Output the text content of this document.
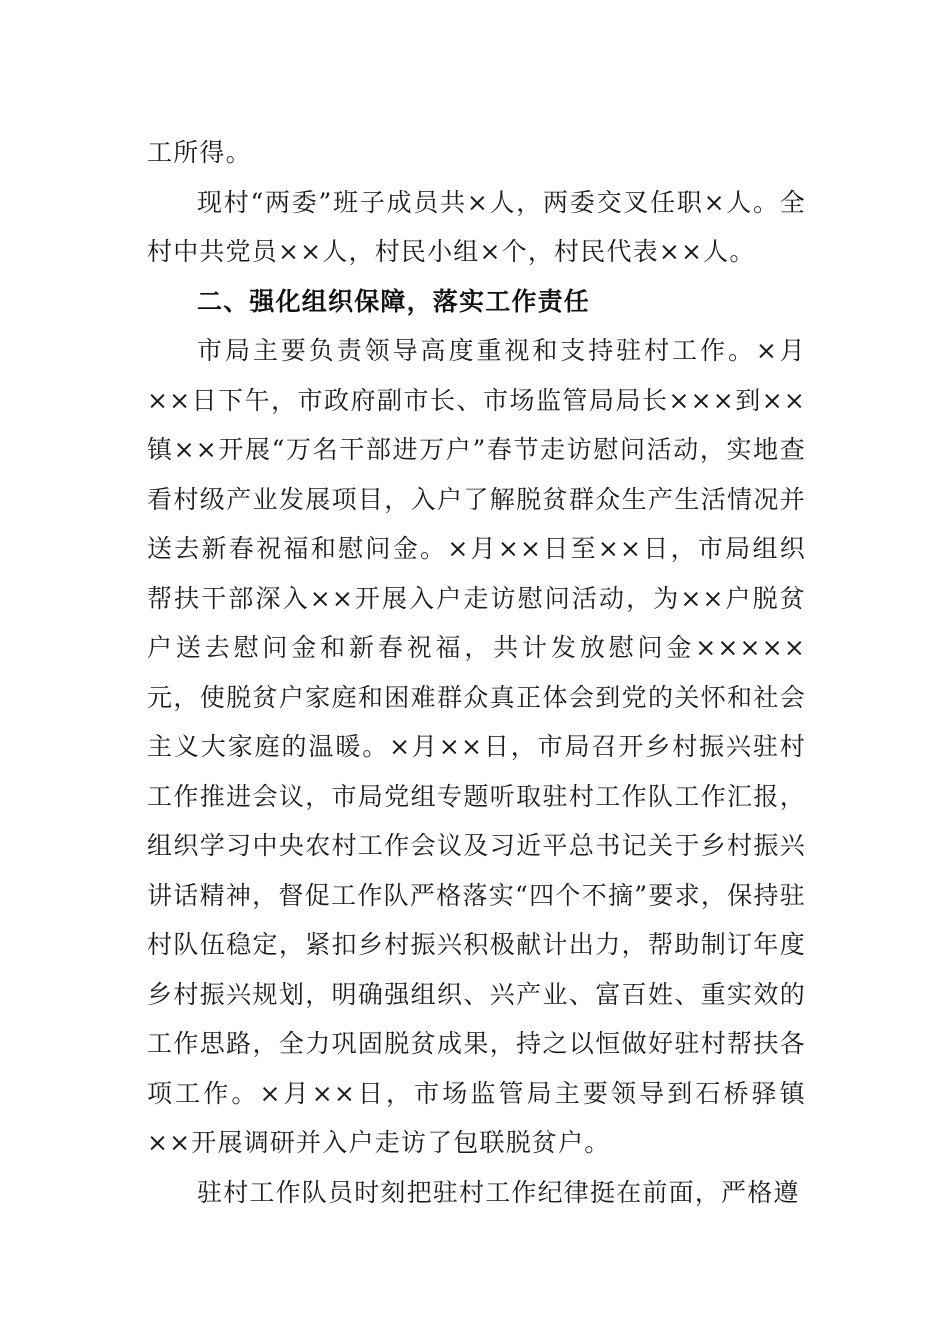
工所得。

现村“两委”班子成员共×人，两委交叉任职×人。全村中共党员××人，村民小组×个，村民代表××人。

二、强化组织保障，落实工作责任

市局主要负责领导高度重视和支持驻村工作。×月××日下午，市政府副市长、市场监管局局长×××到××镇××开展“万名干部进万户”春节走访慰问活动，实地查看村级产业发展项目，入户了解脱贫群众生产生活情况并送去新春祝福和慰问金。×月××日至××日，市局组织帮扶干部深入××开展入户走访慰问活动，为××户脱贫户送去慰问金和新春祝福，共计发放慰问金×××××元，使脱贫户家庭和困难群众真正体会到党的关怀和社会主义大家庭的温暖。×月××日，市局召开乡村振兴驻村工作推进会议，市局党组专题听取驻村工作队工作汇报，组织学习中央农村工作会议及习近平总书记关于乡村振兴讲话精神，督促工作队严格落实“四个不摘”要求，保持驻村队伍稳定，紧扣乡村振兴积极献计出力，帮助制订年度乡村振兴规划，明确强组织、兴产业、富百姓、重实效的工作思路，全力巩固脱贫成果，持之以恒做好驻村帮扶各项工作。×月××日，市场监管局主要领导到石桥驿镇××开展调研并入户走访了包联脱贫户。

驻村工作队员时刻把驻村工作纪律挺在前面，严格遵
